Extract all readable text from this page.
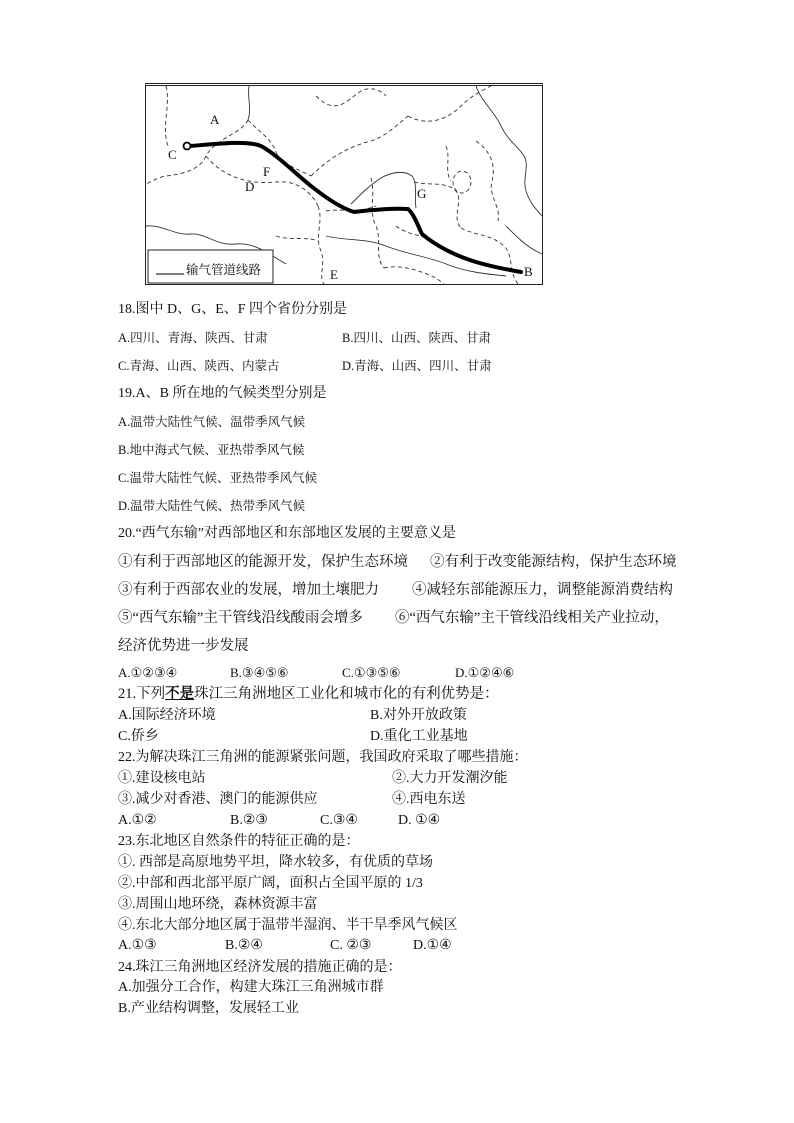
A
C
D
F
G
E	B
输气管道线路
18.图中 D、G、E、F 四个省份分别是
A.四川、青海、陕西、甘肃	B.四川、山西、陕西、甘肃
C.青海、山西、陕西、内蒙古	D.青海、山西、四川、甘肃
19.A、B 所在地的气候类型分别是
A.温带大陆性气候、温带季风气候
B.地中海式气候、亚热带季风气候
C.温带大陆性气候、亚热带季风气候
D.温带大陆性气候、热带季风气候
20.“西气东输”对西部地区和东部地区发展的主要意义是
①有利于西部地区的能源开发，保护生态环境 ②有利于改变能源结构，保护生态环境
③有利于西部农业的发展，增加土壤肥力 ④减轻东部能源压力，调整能源消费结构
⑤“西气东输”主干管线沿线酸雨会增多 ⑥“西气东输”主干管线沿线相关产业拉动，
经济优势进一步发展
A.①②③④	B.③④⑤⑥	C.①③⑤⑥	D.①②④⑥
21.下列不是珠江三角洲地区工业化和城市化的有利优势是：
A.国际经济环境	B.对外开放政策
C.侨乡	D.重化工业基地
22.为解决珠江三角洲的能源紧张问题，我国政府采取了哪些措施：
①.建设核电站	②.大力开发潮汐能
③.减少对香港、澳门的能源供应	④.西电东送
A.①②	B.②③	C.③④	D. ①④
23.东北地区自然条件的特征正确的是：
①. 西部是高原地势平坦，降水较多，有优质的草场
②.中部和西北部平原广阔，面积占全国平原的 1/3
③.周围山地环绕，森林资源丰富
④.东北大部分地区属于温带半湿润、半干旱季风气候区
A.①③	B.②④	C. ②③	D.①④
24.珠江三角洲地区经济发展的措施正确的是：
A.加强分工合作，构建大珠江三角洲城市群
B.产业结构调整，发展轻工业
